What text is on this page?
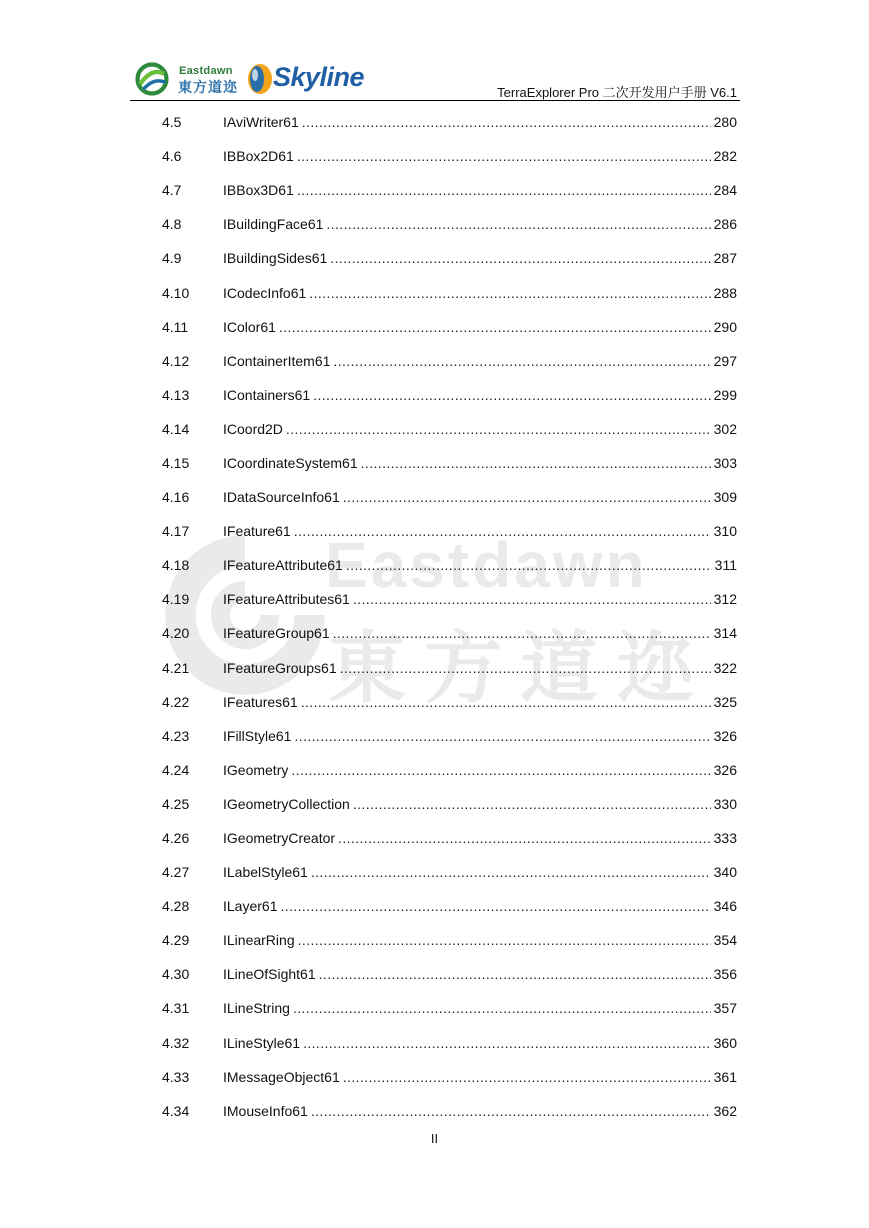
Eastdawn
東方道迩
Eastdawn
東方道迩 Skyline
TerraExplorer Pro 二次开发用户手册 V6.1
4.5	IAviWriter61 .....	280
4.6	IBBox2D61 .....	282
4.7	IBBox3D61 .....	284
4.8	IBuildingFace61 .....	286
4.9	IBuildingSides61 .....	287
4.10	ICodecInfo61 .....	288
4.11	IColor61 .....	290
4.12	IContainerItem61 .....	297
4.13	IContainers61 .....	299
4.14	ICoord2D .....	302
4.15	ICoordinateSystem61 .....	303
4.16	IDataSourceInfo61 .....	309
4.17	IFeature61 .....	310
4.18	IFeatureAttribute61 .....	311
4.19	IFeatureAttributes61 .....	312
4.20	IFeatureGroup61 .....	314
4.21	IFeatureGroups61 .....	322
4.22	IFeatures61 .....	325
4.23	IFillStyle61 .....	326
4.24	IGeometry .....	326
4.25	IGeometryCollection .....	330
4.26	IGeometryCreator .....	333
4.27	ILabelStyle61 .....	340
4.28	ILayer61 .....	346
4.29	ILinearRing .....	354
4.30	ILineOfSight61 .....	356
4.31	ILineString .....	357
4.32	ILineStyle61 .....	360
4.33	IMessageObject61 .....	361
4.34	IMouseInfo61 .....	362
II
